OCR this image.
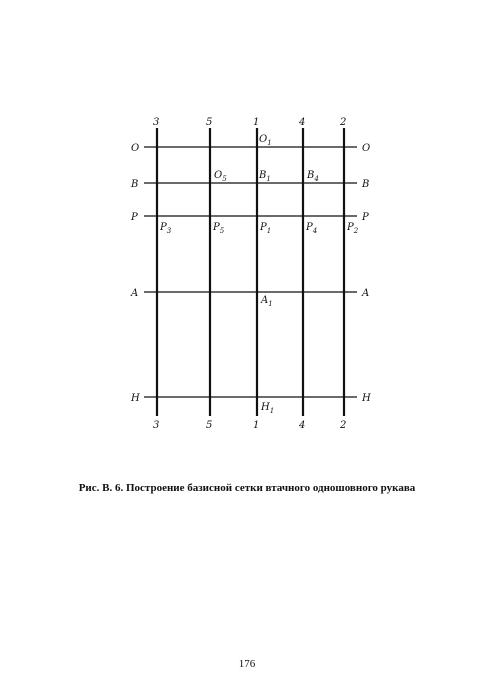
3	5	1	4	2
3	5	1	4	2
O
B
P
A
H
O
B
P
A
H
$O_1$
$O_5$	$B_1$	$B_4$
$P_3$	$P_5$	$P_1$	$P_4$	$P_2$
$A_1$
$H_1$
Рис. В. 6. Построение базисной сетки втачного одношовного рукава
176
